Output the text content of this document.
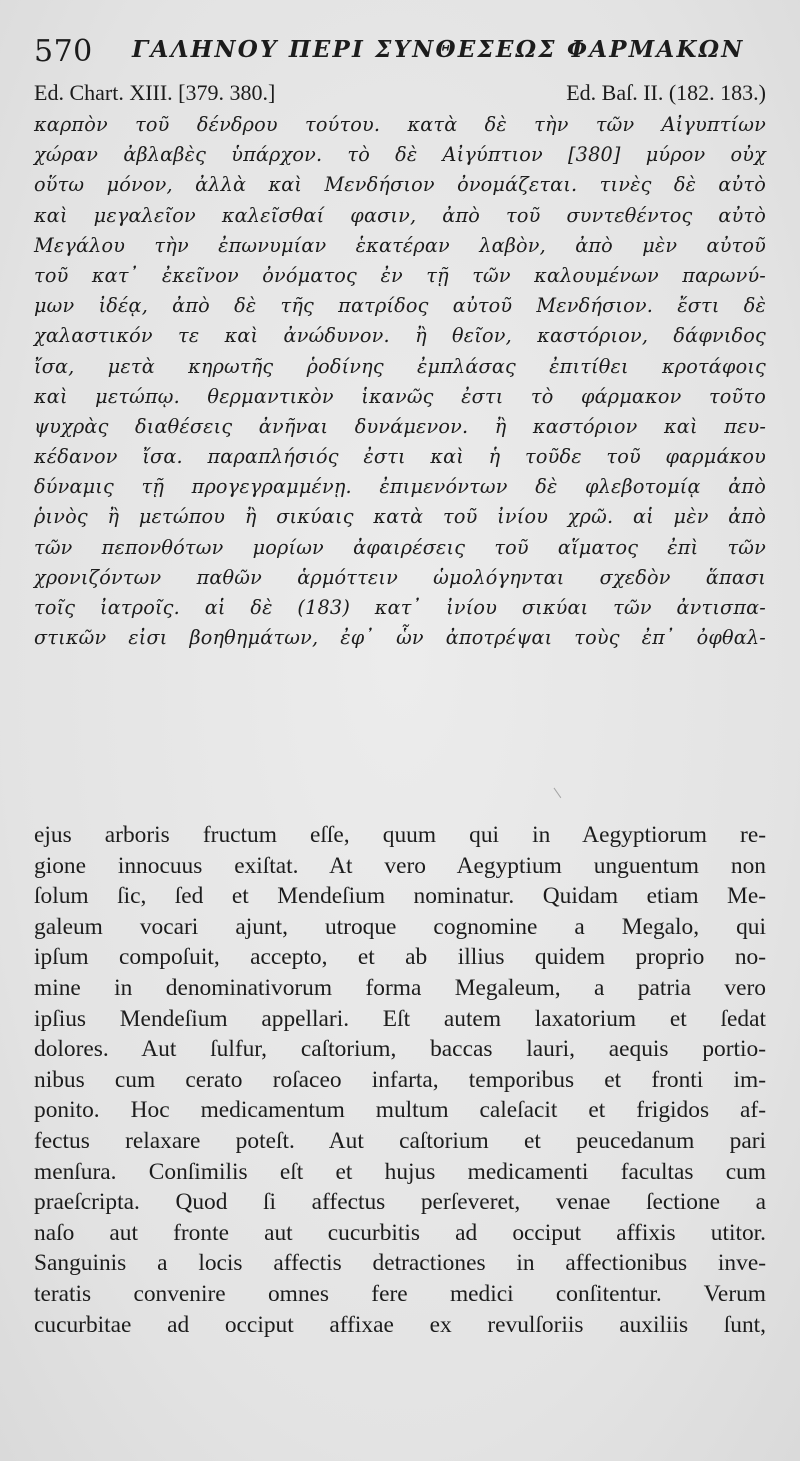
570 ΓΑΛΗΝΟΥ ΠΕΡΙ ΣΥΝΘΕΣΕΩΣ ΦΑΡΜΑΚΩΝ
Ed. Chart. XIII. [379. 380.]	Ed. Baſ. II. (182. 183.)
καρπὸν τοῦ δένδρου τούτου. κατὰ δὲ τὴν τῶν Αἰγυπτίων
χώραν ἀβλαβὲς ὑπάρχον. τὸ δὲ Αἰγύπτιον [380] μύρον οὐχ
οὕτω μόνον, ἀλλὰ καὶ Μενδήσιον ὀνομάζεται. τινὲς δὲ αὐτὸ
καὶ μεγαλεῖον καλεῖσθαί φασιν, ἀπὸ τοῦ συντεθέντος αὐτὸ
Μεγάλου τὴν ἐπωνυμίαν ἑκατέραν λαβὸν, ἀπὸ μὲν αὐτοῦ
τοῦ κατ᾽ ἐκεῖνον ὀνόματος ἐν τῇ τῶν καλουμένων παρωνύ-
μων ἰδέᾳ, ἀπὸ δὲ τῆς πατρίδος αὐτοῦ Μενδήσιον. ἔστι δὲ
χαλαστικόν τε καὶ ἀνώδυνον. ἢ θεῖον, καστόριον, δάφνιδος
ἴσα, μετὰ κηρωτῆς ῥοδίνης ἐμπλάσας ἐπιτίθει κροτάφοις
καὶ μετώπῳ. θερμαντικὸν ἱκανῶς ἐστι τὸ φάρμακον τοῦτο
ψυχρὰς διαθέσεις ἀνῆναι δυνάμενον. ἢ καστόριον καὶ πευ-
κέδανον ἴσα. παραπλήσιός ἐστι καὶ ἡ τοῦδε τοῦ φαρμάκου
δύναμις τῇ προγεγραμμένῃ. ἐπιμενόντων δὲ φλεβοτομίᾳ ἀπὸ
ῥινὸς ἢ μετώπου ἢ σικύαις κατὰ τοῦ ἰνίου χρῶ. αἱ μὲν ἀπὸ
τῶν πεπονθότων μορίων ἀφαιρέσεις τοῦ αἵματος ἐπὶ τῶν
χρονιζόντων παθῶν ἁρμόττειν ὡμολόγηνται σχεδὸν ἅπασι
τοῖς ἰατροῖς. αἱ δὲ (183) κατ᾽ ἰνίου σικύαι τῶν ἀντισπα-
στικῶν εἰσι βοηθημάτων, ἐφ᾽ ὧν ἀποτρέψαι τοὺς ἐπ᾽ ὀφθαλ-
ejus arboris fructum eſſe, quum qui in Aegyptiorum re-
gione innocuus exiſtat. At vero Aegyptium unguentum non
ſolum ſic, ſed et Mendeſium nominatur. Quidam etiam Me-
galeum vocari ajunt, utroque cognomine a Megalo, qui
ipſum compoſuit, accepto, et ab illius quidem proprio no-
mine in denominativorum forma Megaleum, a patria vero
ipſius Mendeſium appellari. Eſt autem laxatorium et ſedat
dolores. Aut ſulfur, caſtorium, baccas lauri, aequis portio-
nibus cum cerato roſaceo infarta, temporibus et fronti im-
ponito. Hoc medicamentum multum caleſacit et frigidos af-
fectus relaxare poteſt. Aut caſtorium et peucedanum pari
menſura. Conſimilis eſt et hujus medicamenti facultas cum
praeſcripta. Quod ſi affectus perſeveret, venae ſectione a
naſo aut fronte aut cucurbitis ad occiput affixis utitor.
Sanguinis a locis affectis detractiones in affectionibus inve-
teratis convenire omnes fere medici conſitentur. Verum
cucurbitae ad occiput affixae ex revulſoriis auxiliis ſunt,
